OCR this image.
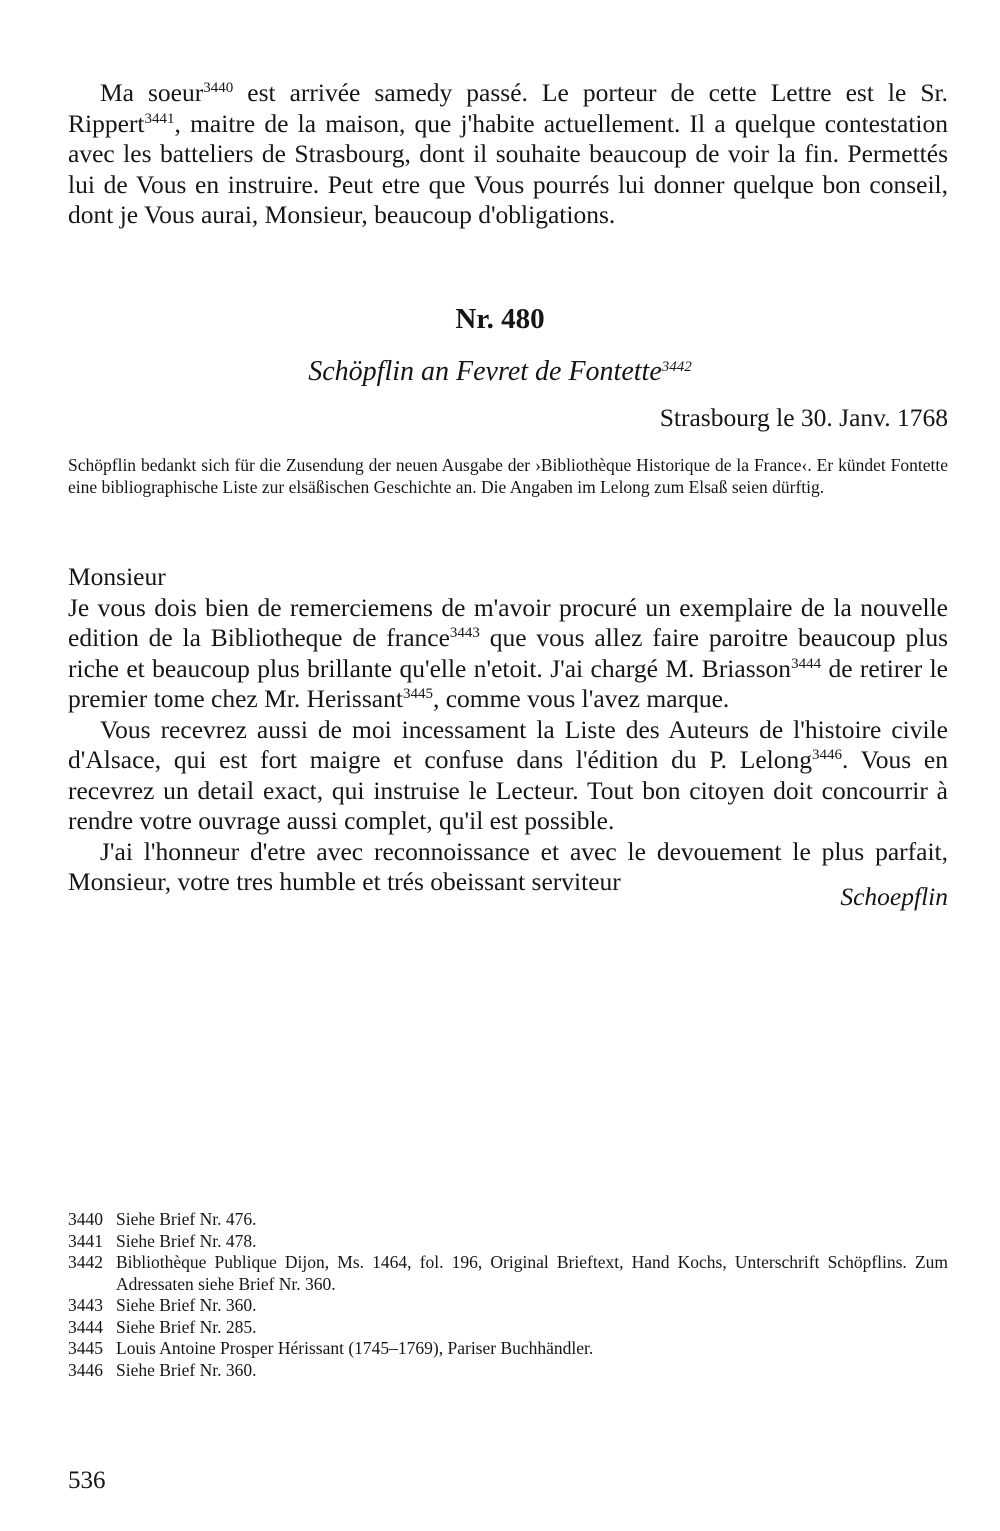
Ma soeur$^{3440}$ est arrivée samedy passé. Le porteur de cette Lettre est le Sr. Rippert$^{3441}$, maitre de la maison, que j'habite actuellement. Il a quelque contestation avec les batteliers de Strasbourg, dont il souhaite beaucoup de voir la fin. Permettés lui de Vous en instruire. Peut etre que Vous pourrés lui donner quelque bon conseil, dont je Vous aurai, Monsieur, beaucoup d'obligations.

Nr. 480
Schöpflin an Fevret de Fontette$^{3442}$
Strasbourg le 30. Janv. 1768
Schöpflin bedankt sich für die Zusendung der neuen Ausgabe der ›Bibliothèque Historique de la France‹. Er kündet Fontette eine bibliographische Liste zur elsäßischen Geschichte an. Die Angaben im Lelong zum Elsaß seien dürftig.

Monsieur

Je vous dois bien de remerciemens de m'avoir procuré un exemplaire de la nouvelle edition de la Bibliotheque de france$^{3443}$ que vous allez faire paroitre beaucoup plus riche et beaucoup plus brillante qu'elle n'etoit. J'ai chargé M. Briasson$^{3444}$ de retirer le premier tome chez Mr. Herissant$^{3445}$, comme vous l'avez marque.

Vous recevrez aussi de moi incessament la Liste des Auteurs de l'histoire civile d'Alsace, qui est fort maigre et confuse dans l'édition du P. Lelong$^{3446}$. Vous en recevrez un detail exact, qui instruise le Lecteur. Tout bon citoyen doit concourrir à rendre votre ouvrage aussi complet, qu'il est possible.

J'ai l'honneur d'etre avec reconnoissance et avec le devouement le plus parfait, Monsieur, votre tres humble et trés obeissant serviteur

Schoepflin
3440 Siehe Brief Nr. 476.
3441 Siehe Brief Nr. 478.
3442 Bibliothèque Publique Dijon, Ms. 1464, fol. 196, Original Brieftext, Hand Kochs, Unterschrift Schöpflins. Zum Adressaten siehe Brief Nr. 360.
3443 Siehe Brief Nr. 360.
3444 Siehe Brief Nr. 285.
3445 Louis Antoine Prosper Hérissant (1745–1769), Pariser Buchhändler.
3446 Siehe Brief Nr. 360.
536
